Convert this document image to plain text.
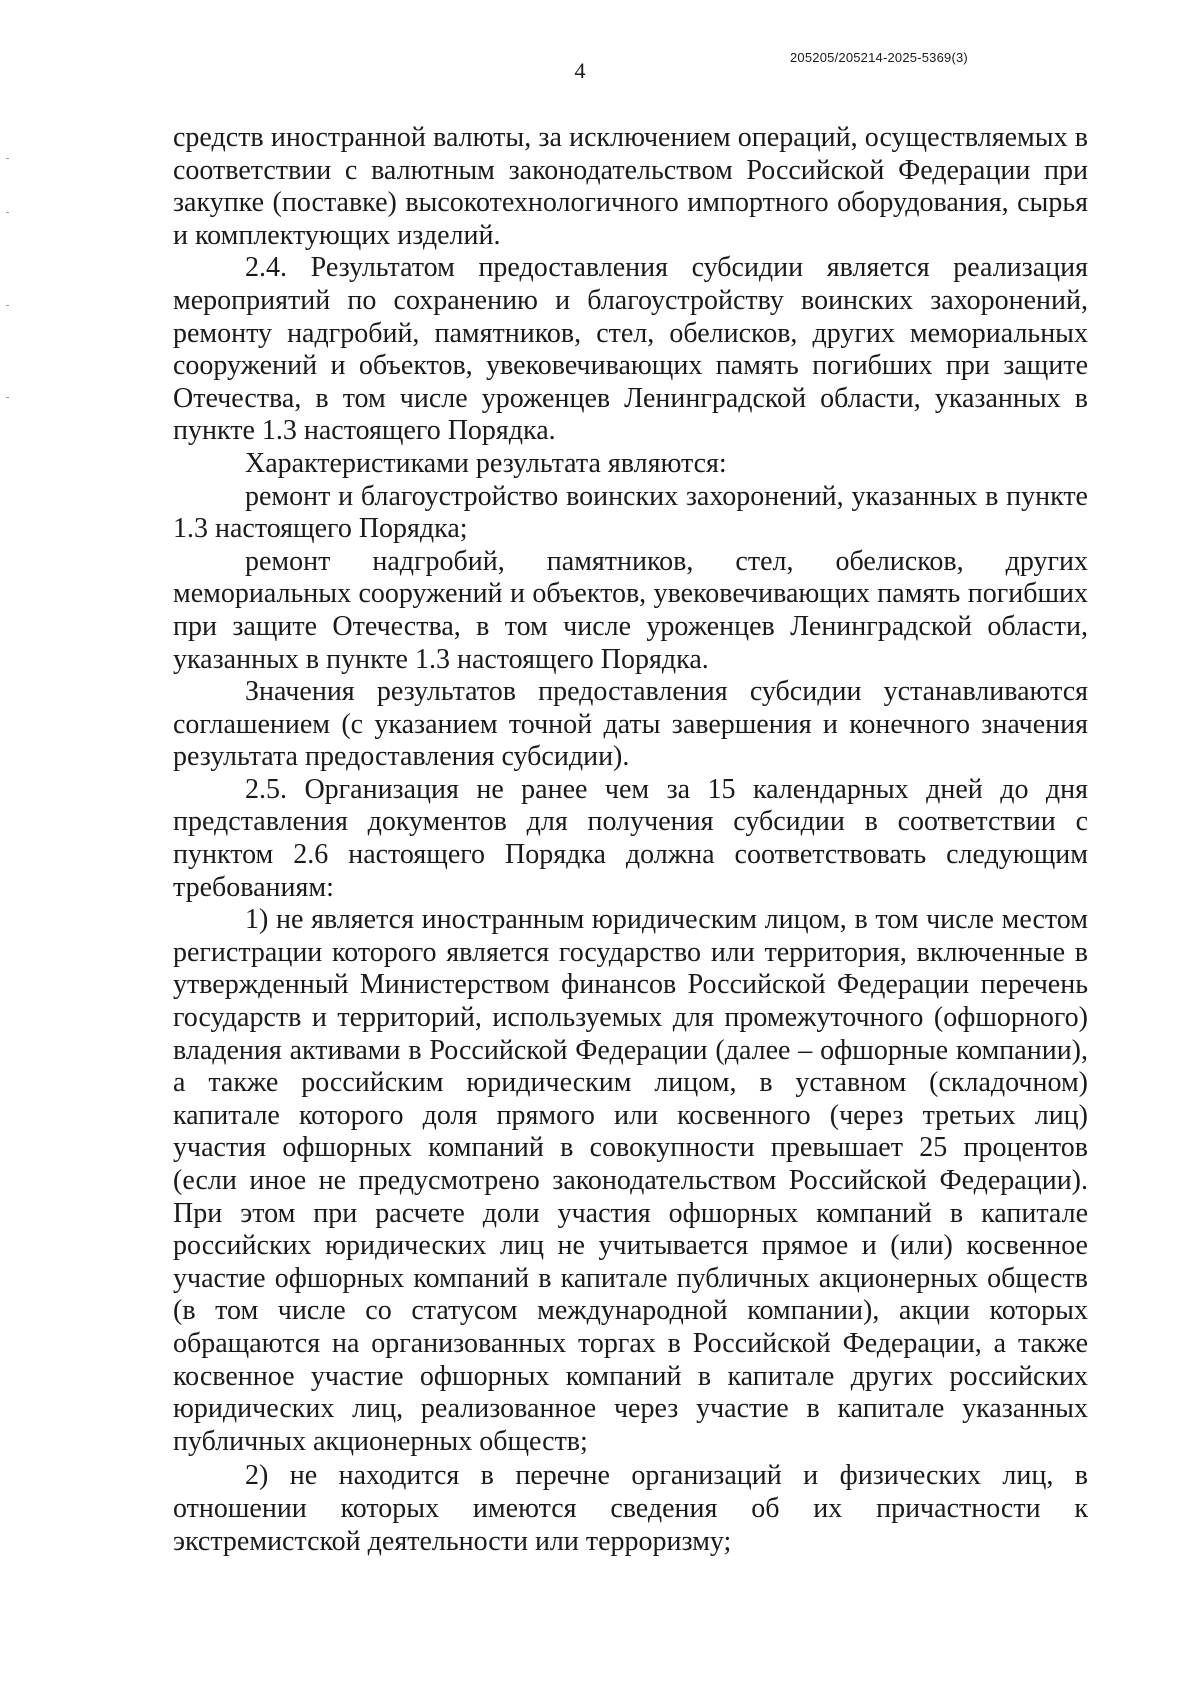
4
205205/205214-2025-5369(3)

средств иностранной валюты, за исключением операций, осуществляемых в соответствии с валютным законодательством Российской Федерации при закупке (поставке) высокотехнологичного импортного оборудования, сырья и комплектующих изделий.

2.4. Результатом предоставления субсидии является реализация мероприятий по сохранению и благоустройству воинских захоронений, ремонту надгробий, памятников, стел, обелисков, других мемориальных сооружений и объектов, увековечивающих память погибших при защите Отечества, в том числе уроженцев Ленинградской области, указанных в пункте 1.3 настоящего Порядка.

Характеристиками результата являются:

ремонт и благоустройство воинских захоронений, указанных в пункте 1.3 настоящего Порядка;

ремонт надгробий, памятников, стел, обелисков, других мемориальных сооружений и объектов, увековечивающих память погибших при защите Отечества, в том числе уроженцев Ленинградской области, указанных в пункте 1.3 настоящего Порядка.

Значения результатов предоставления субсидии устанавливаются соглашением (с указанием точной даты завершения и конечного значения результата предоставления субсидии).

2.5. Организация не ранее чем за 15 календарных дней до дня представления документов для получения субсидии в соответствии с пунктом 2.6 настоящего Порядка должна соответствовать следующим требованиям:

1) не является иностранным юридическим лицом, в том числе местом регистрации которого является государство или территория, включенные в утвержденный Министерством финансов Российской Федерации перечень государств и территорий, используемых для промежуточного (офшорного) владения активами в Российской Федерации (далее – офшорные компании), а также российским юридическим лицом, в уставном (складочном) капитале которого доля прямого или косвенного (через третьих лиц) участия офшорных компаний в совокупности превышает 25 процентов (если иное не предусмотрено законодательством Российской Федерации). При этом при расчете доли участия офшорных компаний в капитале российских юридических лиц не учитывается прямое и (или) косвенное участие офшорных компаний в капитале публичных акционерных обществ (в том числе со статусом международной компании), акции которых обращаются на организованных торгах в Российской Федерации, а также косвенное участие офшорных компаний в капитале других российских юридических лиц, реализованное через участие в капитале указанных публичных акционерных обществ;

2) не находится в перечне организаций и физических лиц, в отношении которых имеются сведения об их причастности к экстремистской деятельности или терроризму;
